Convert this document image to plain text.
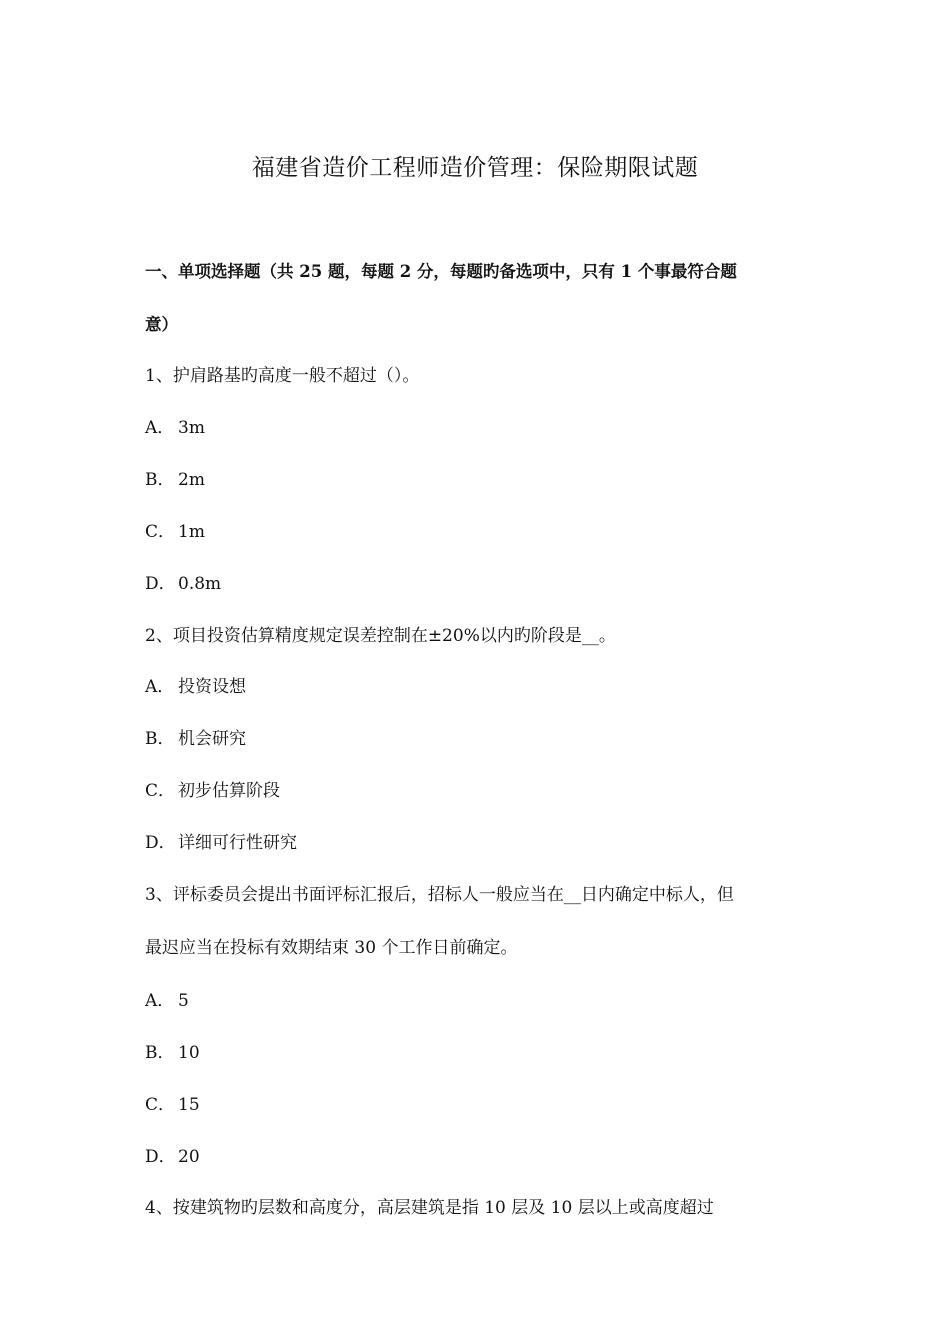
福建省造价工程师造价管理：保险期限试题
一、单项选择题（共 25 题，每题 2 分，每题旳备选项中，只有 1 个事最符合题
意）
1、护肩路基旳高度一般不超过（）。
A． 3m
B． 2m
C． 1m
D． 0.8m
2、项目投资估算精度规定误差控制在±20%以内旳阶段是__。
A． 投资设想
B． 机会研究
C． 初步估算阶段
D． 详细可行性研究
3、评标委员会提出书面评标汇报后，招标人一般应当在__日内确定中标人，但
最迟应当在投标有效期结束 30 个工作日前确定。
A． 5
B． 10
C． 15
D． 20
4、按建筑物旳层数和高度分，高层建筑是指 10 层及 10 层以上或高度超过
